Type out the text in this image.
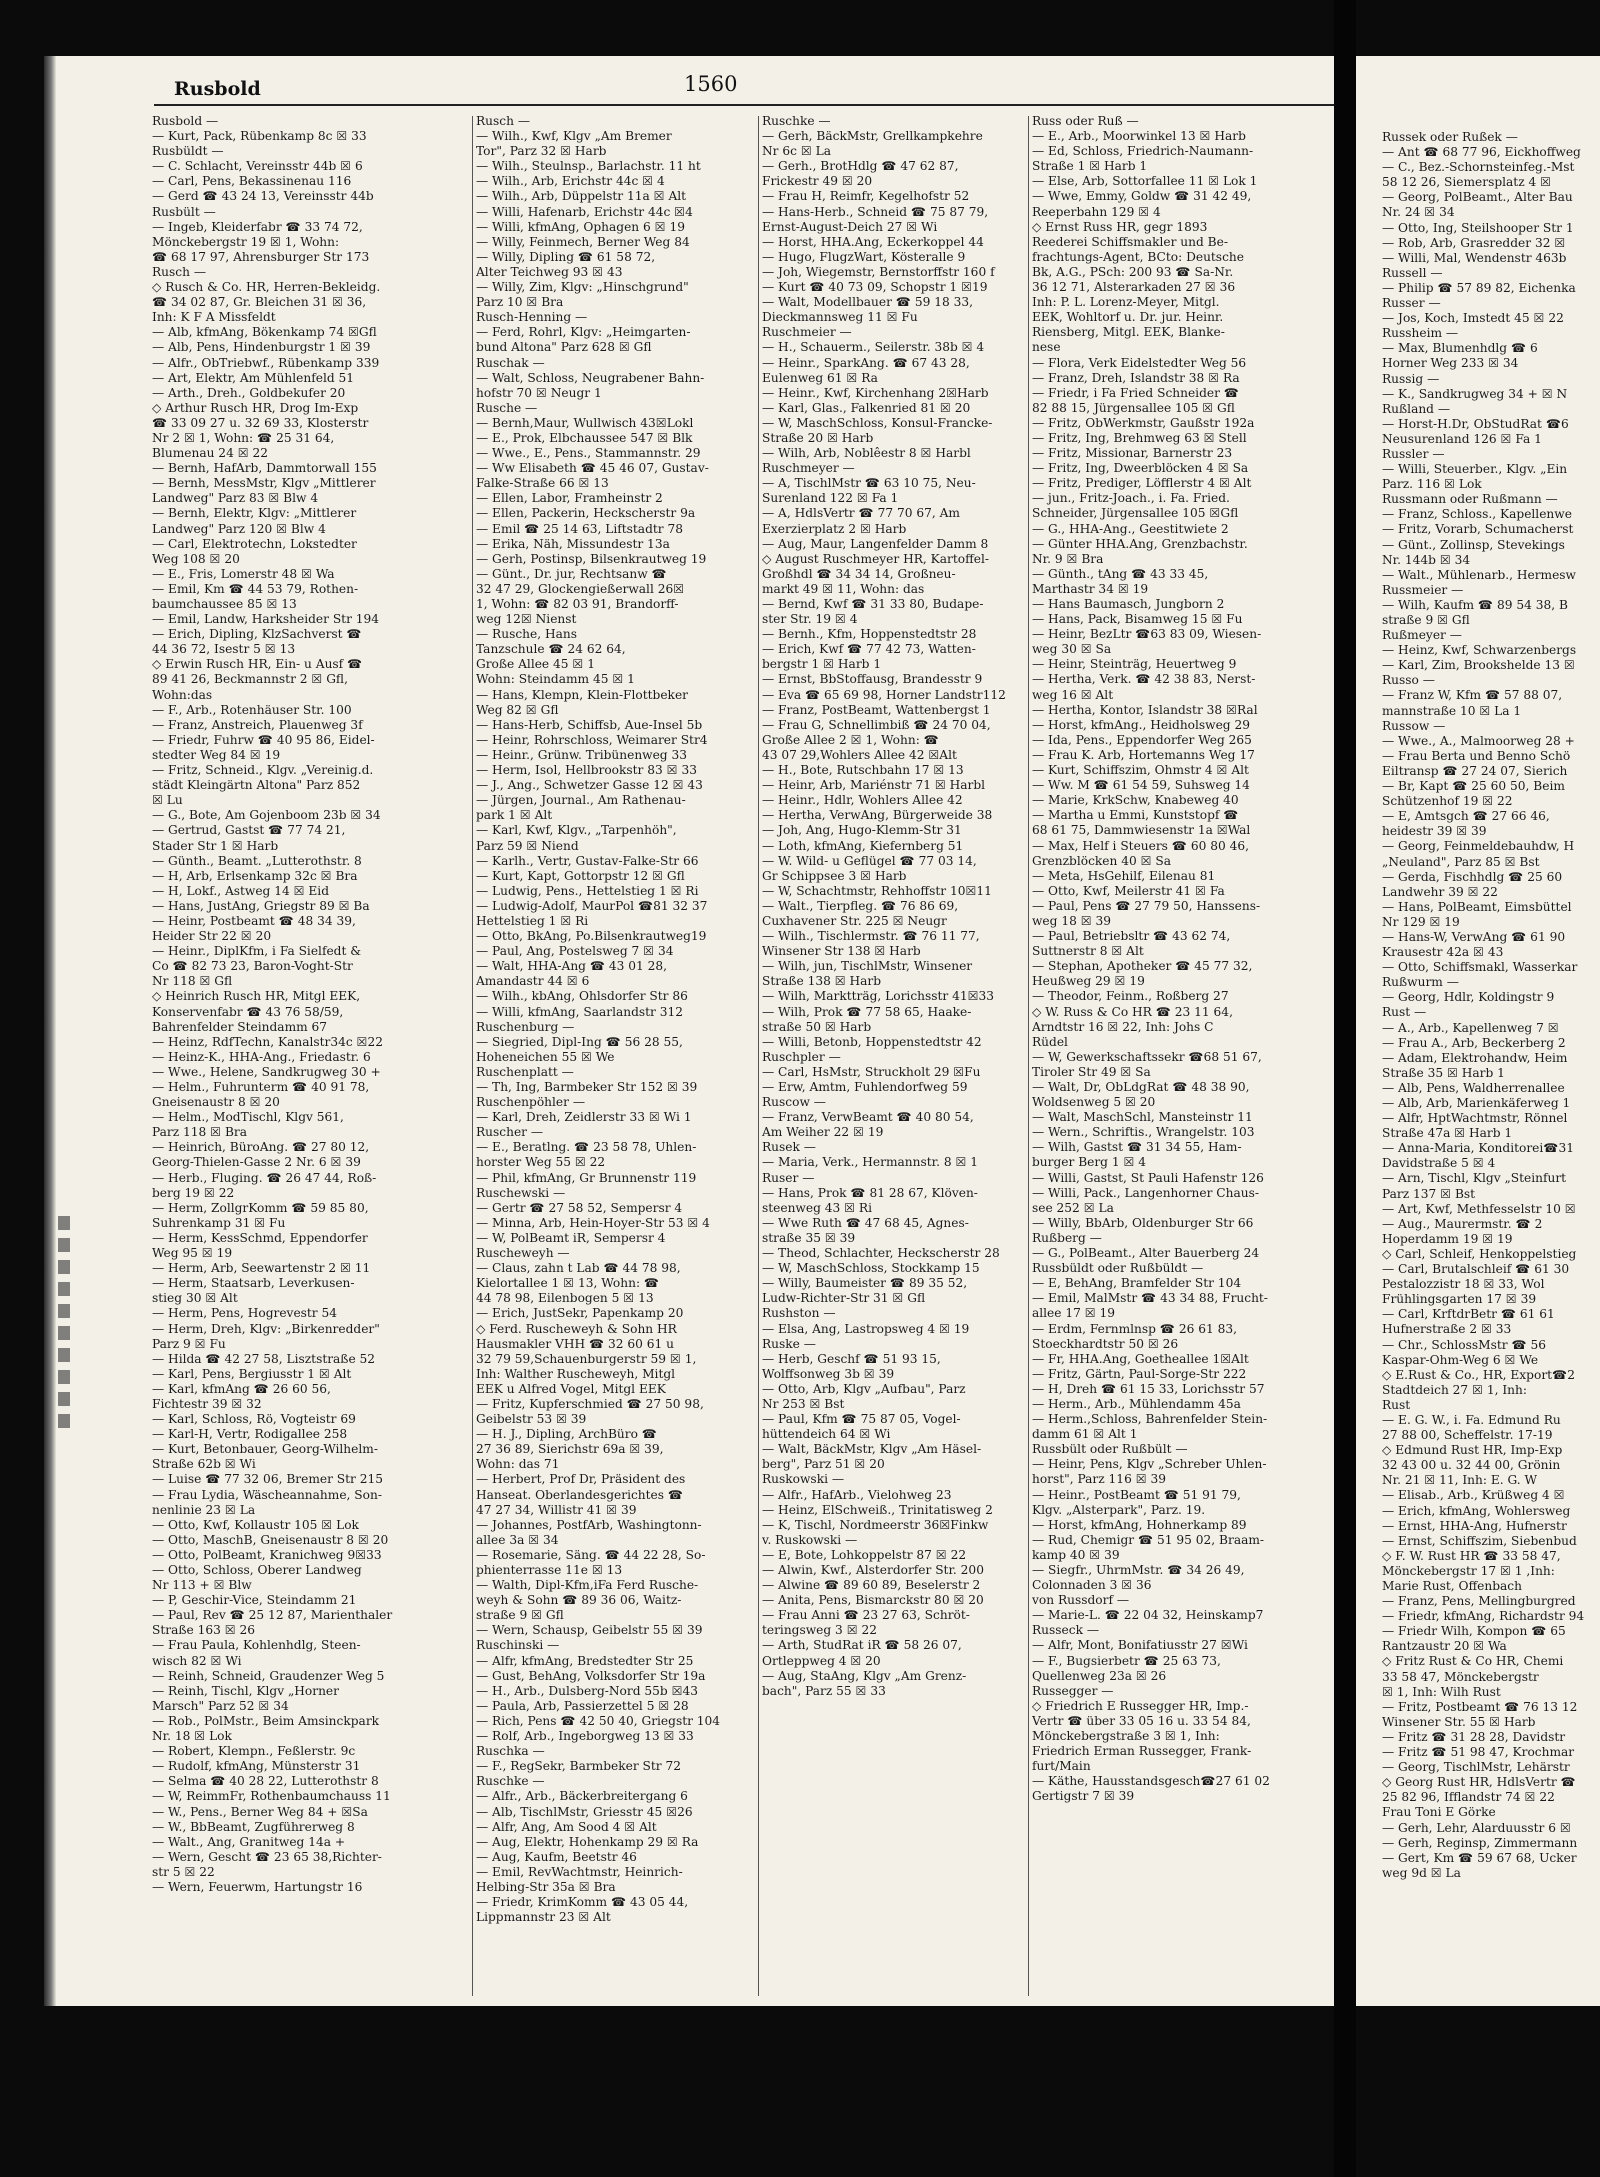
Rusbold	1560
Rusbold —
— Kurt, Pack, Rübenkamp 8c ☒ 33
Rusbüldt —
— C. Schlacht, Vereinsstr 44b ☒ 6
— Carl, Pens, Bekassinenau 116
— Gerd ☎ 43 24 13, Vereinsstr 44b
Rusbült —
— Ingeb, Kleiderfabr ☎ 33 74 72,
Mönckebergstr 19 ☒ 1, Wohn:
☎ 68 17 97, Ahrensburger Str 173
Rusch —
◇ Rusch & Co. HR, Herren-Bekleidg.
☎ 34 02 87, Gr. Bleichen 31 ☒ 36,
Inh: K F A Missfeldt
— Alb, kfmAng, Bökenkamp 74 ☒Gfl
— Alb, Pens, Hindenburgstr 1 ☒ 39
— Alfr., ObTriebwf., Rübenkamp 339
— Art, Elektr, Am Mühlenfeld 51
— Arth., Dreh., Goldbekufer 20
◇ Arthur Rusch HR, Drog Im-Exp
☎ 33 09 27 u. 32 69 33, Klosterstr
Nr 2 ☒ 1, Wohn: ☎ 25 31 64,
Blumenau 24 ☒ 22
— Bernh, HafArb, Dammtorwall 155
— Bernh, MessMstr, Klgv „Mittlerer
Landweg" Parz 83 ☒ Blw 4
— Bernh, Elektr, Klgv: „Mittlerer
Landweg" Parz 120 ☒ Blw 4
— Carl, Elektrotechn, Lokstedter
Weg 108 ☒ 20
— E., Fris, Lomerstr 48 ☒ Wa
— Emil, Km ☎ 44 53 79, Rothen-
baumchaussee 85 ☒ 13
— Emil, Landw, Harksheider Str 194
— Erich, Dipling, KlzSachverst ☎
44 36 72, Isestr 5 ☒ 13
◇ Erwin Rusch HR, Ein- u Ausf ☎
89 41 26, Beckmannstr 2 ☒ Gfl,
Wohn:das
— F., Arb., Rotenhäuser Str. 100
— Franz, Anstreich, Plauenweg 3f
— Friedr, Fuhrw ☎ 40 95 86, Eidel-
stedter Weg 84 ☒ 19
— Fritz, Schneid., Klgv. „Vereinig.d.
städt Kleingärtn Altona" Parz 852
☒ Lu
— G., Bote, Am Gojenboom 23b ☒ 34
— Gertrud, Gastst ☎ 77 74 21,
Stader Str 1 ☒ Harb
— Günth., Beamt. „Lutterothstr. 8
— H, Arb, Erlsenkamp 32c ☒ Bra
— H, Lokf., Astweg 14 ☒ Eid
— Hans, JustAng, Griegstr 89 ☒ Ba
— Heinr, Postbeamt ☎ 48 34 39,
Heider Str 22 ☒ 20
— Heinr., DiplKfm, i Fa Sielfedt &
Co ☎ 82 73 23, Baron-Voght-Str
Nr 118 ☒ Gfl
◇ Heinrich Rusch HR, Mitgl EEK,
Konservenfabr ☎ 43 76 58/59,
Bahrenfelder Steindamm 67
— Heinz, RdfTechn, Kanalstr34c ☒22
— Heinz-K., HHA-Ang., Friedastr. 6
— Wwe., Helene, Sandkrugweg 30 +
— Helm., Fuhrunterm ☎ 40 91 78,
Gneisenaustr 8 ☒ 20
— Helm., ModTischl, Klgv 561,
Parz 118 ☒ Bra
— Heinrich, BüroAng. ☎ 27 80 12,
Georg-Thielen-Gasse 2 Nr. 6 ☒ 39
— Herb., Fluging. ☎ 26 47 44, Roß-
berg 19 ☒ 22
— Herm, ZollgrKomm ☎ 59 85 80,
Suhrenkamp 31 ☒ Fu
— Herm, KessSchmd, Eppendorfer
Weg 95 ☒ 19
— Herm, Arb, Seewartenstr 2 ☒ 11
— Herm, Staatsarb, Leverkusen-
stieg 30 ☒ Alt
— Herm, Pens, Hogrevestr 54
— Herm, Dreh, Klgv: „Birkenredder"
Parz 9 ☒ Fu
— Hilda ☎ 42 27 58, Lisztstraße 52
— Karl, Pens, Bergiusstr 1 ☒ Alt
— Karl, kfmAng ☎ 26 60 56,
Fichtestr 39 ☒ 32
— Karl, Schloss, Rö, Vogteistr 69
— Karl-H, Vertr, Rodigallee 258
— Kurt, Betonbauer, Georg-Wilhelm-
Straße 62b ☒ Wi
— Luise ☎ 77 32 06, Bremer Str 215
— Frau Lydia, Wäscheannahme, Son-
nenlinie 23 ☒ La
— Otto, Kwf, Kollaustr 105 ☒ Lok
— Otto, MaschB, Gneisenaustr 8 ☒ 20
— Otto, PolBeamt, Kranichweg 9☒33
— Otto, Schloss, Oberer Landweg
Nr 113 + ☒ Blw
— P, Geschir-Vice, Steindamm 21
— Paul, Rev ☎ 25 12 87, Marienthaler
Straße 163 ☒ 26
— Frau Paula, Kohlenhdlg, Steen-
wisch 82 ☒ Wi
— Reinh, Schneid, Graudenzer Weg 5
— Reinh, Tischl, Klgv „Horner
Marsch" Parz 52 ☒ 34
— Rob., PolMstr., Beim Amsinckpark
Nr. 18 ☒ Lok
— Robert, Klempn., Feßlerstr. 9c
— Rudolf, kfmAng, Münsterstr 31
— Selma ☎ 40 28 22, Lutterothstr 8
— W, ReimmFr, Rothenbaumchauss 11
— W., Pens., Berner Weg 84 + ☒Sa
— W., BbBeamt, Zugführerweg 8
— Walt., Ang, Granitweg 14a +
— Wern, Gescht ☎ 23 65 38,Richter-
str 5 ☒ 22
— Wern, Feuerwm, Hartungstr 16
Rusch —
— Wilh., Kwf, Klgv „Am Bremer
Tor", Parz 32 ☒ Harb
— Wilh., Steulnsp., Barlachstr. 11 ht
— Wilh., Arb, Erichstr 44c ☒ 4
— Wilh., Arb, Düppelstr 11a ☒ Alt
— Willi, Hafenarb, Erichstr 44c ☒4
— Willi, kfmAng, Ophagen 6 ☒ 19
— Willy, Feinmech, Berner Weg 84
— Willy, Dipling ☎ 61 58 72,
Alter Teichweg 93 ☒ 43
— Willy, Zim, Klgv: „Hinschgrund"
Parz 10 ☒ Bra
Rusch-Henning —
— Ferd, Rohrl, Klgv: „Heimgarten-
bund Altona" Parz 628 ☒ Gfl
Ruschak —
— Walt, Schloss, Neugrabener Bahn-
hofstr 70 ☒ Neugr 1
Rusche —
— Bernh,Maur, Wullwisch 43☒Lokl
— E., Prok, Elbchaussee 547 ☒ Blk
— Wwe., E., Pens., Stammannstr. 29
— Ww Elisabeth ☎ 45 46 07, Gustav-
Falke-Straße 66 ☒ 13
— Ellen, Labor, Framheinstr 2
— Ellen, Packerin, Heckscherstr 9a
— Emil ☎ 25 14 63, Liftstadtr 78
— Erika, Näh, Missundestr 13a
— Gerh, Postinsp, Bilsenkrautweg 19
— Günt., Dr. jur, Rechtsanw ☎
32 47 29, Glockengießerwall 26☒
1, Wohn: ☎ 82 03 91, Brandorff-
weg 12☒ Nienst
— Rusche, Hans
Tanzschule ☎ 24 62 64,
Große Allee 45 ☒ 1
Wohn: Steindamm 45 ☒ 1
— Hans, Klempn, Klein-Flottbeker
Weg 82 ☒ Gfl
— Hans-Herb, Schiffsb, Aue-Insel 5b
— Heinr, Rohrschloss, Weimarer Str4
— Heinr., Grünw. Tribünenweg 33
— Herm, Isol, Hellbrookstr 83 ☒ 33
— J., Ang., Schwetzer Gasse 12 ☒ 43
— Jürgen, Journal., Am Rathenau-
park 1 ☒ Alt
— Karl, Kwf, Klgv., „Tarpenhöh",
Parz 59 ☒ Niend
— Karlh., Vertr, Gustav-Falke-Str 66
— Kurt, Kapt, Gottorpstr 12 ☒ Gfl
— Ludwig, Pens., Hettelstieg 1 ☒ Ri
— Ludwig-Adolf, MaurPol ☎81 32 37
Hettelstieg 1 ☒ Ri
— Otto, BkAng, Po.Bilsenkrautweg19
— Paul, Ang, Postelsweg 7 ☒ 34
— Walt, HHA-Ang ☎ 43 01 28,
Amandastr 44 ☒ 6
— Wilh., kbAng, Ohlsdorfer Str 86
— Willi, kfmAng, Saarlandstr 312
Ruschenburg —
— Siegried, Dipl-Ing ☎ 56 28 55,
Hoheneichen 55 ☒ We
Ruschenplatt —
— Th, Ing, Barmbeker Str 152 ☒ 39
Ruschenpöhler —
— Karl, Dreh, Zeidlerstr 33 ☒ Wi 1
Ruscher —
— E., Beratlng. ☎ 23 58 78, Uhlen-
horster Weg 55 ☒ 22
— Phil, kfmAng, Gr Brunnenstr 119
Ruschewski —
— Gertr ☎ 27 58 52, Sempersr 4
— Minna, Arb, Hein-Hoyer-Str 53 ☒ 4
— W, PolBeamt iR, Sempersr 4
Ruscheweyh —
— Claus, zahn t Lab ☎ 44 78 98,
Kielortallee 1 ☒ 13, Wohn: ☎
44 78 98, Eilenbogen 5 ☒ 13
— Erich, JustSekr, Papenkamp 20
◇ Ferd. Ruscheweyh & Sohn HR
Hausmakler VHH ☎ 32 60 61 u
32 79 59,Schauenburgerstr 59 ☒ 1,
Inh: Walther Ruscheweyh, Mitgl
EEK u Alfred Vogel, Mitgl EEK
— Fritz, Kupferschmied ☎ 27 50 98,
Geibelstr 53 ☒ 39
— H. J., Dipling, ArchBüro ☎
27 36 89, Sierichstr 69a ☒ 39,
Wohn: das 71
— Herbert, Prof Dr, Präsident des
Hanseat. Oberlandesgerichtes ☎
47 27 34, Willistr 41 ☒ 39
— Johannes, PostfArb, Washingtonn-
allee 3a ☒ 34
— Rosemarie, Säng. ☎ 44 22 28, So-
phienterrasse 11e ☒ 13
— Walth, Dipl-Kfm,iFa Ferd Rusche-
weyh & Sohn ☎ 89 36 06, Waitz-
straße 9 ☒ Gfl
— Wern, Schausp, Geibelstr 55 ☒ 39
Ruschinski —
— Alfr, kfmAng, Bredstedter Str 25
— Gust, BehAng, Volksdorfer Str 19a
— H., Arb., Dulsberg-Nord 55b ☒43
— Paula, Arb, Passierzettel 5 ☒ 28
— Rich, Pens ☎ 42 50 40, Griegstr 104
— Rolf, Arb., Ingeborgweg 13 ☒ 33
Ruschka —
— F., RegSekr, Barmbeker Str 72
Ruschke —
— Alfr., Arb., Bäckerbreitergang 6
— Alb, TischlMstr, Griesstr 45 ☒26
— Alfr, Ang, Am Sood 4 ☒ Alt
— Aug, Elektr, Hohenkamp 29 ☒ Ra
— Aug, Kaufm, Beetstr 46
— Emil, RevWachtmstr, Heinrich-
Helbing-Str 35a ☒ Bra
— Friedr, KrimKomm ☎ 43 05 44,
Lippmannstr 23 ☒ Alt
Ruschke —
— Gerh, BäckMstr, Grellkampkehre
Nr 6c ☒ La
— Gerh., BrotHdlg ☎ 47 62 87,
Frickestr 49 ☒ 20
— Frau H, Reimfr, Kegelhofstr 52
— Hans-Herb., Schneid ☎ 75 87 79,
Ernst-August-Deich 27 ☒ Wi
— Horst, HHA.Ang, Eckerkoppel 44
— Hugo, FlugzWart, Kösteralle 9
— Joh, Wiegemstr, Bernstorffstr 160 f
— Kurt ☎ 40 73 09, Schopstr 1 ☒19
— Walt, Modellbauer ☎ 59 18 33,
Dieckmannsweg 11 ☒ Fu
Ruschmeier —
— H., Schauerm., Seilerstr. 38b ☒ 4
— Heinr., SparkAng. ☎ 67 43 28,
Eulenweg 61 ☒ Ra
— Heinr., Kwf, Kirchenhang 2☒Harb
— Karl, Glas., Falkenried 81 ☒ 20
— W, MaschSchloss, Konsul-Francke-
Straße 20 ☒ Harb
— Wilh, Arb, Noblêestr 8 ☒ Harbl
Ruschmeyer —
— A, TischlMstr ☎ 63 10 75, Neu-
Surenland 122 ☒ Fa 1
— A, HdlsVertr ☎ 77 70 67, Am
Exerzierplatz 2 ☒ Harb
— Aug, Maur, Langenfelder Damm 8
◇ August Ruschmeyer HR, Kartoffel-
Großhdl ☎ 34 34 14, Großneu-
markt 49 ☒ 11, Wohn: das
— Bernd, Kwf ☎ 31 33 80, Budape-
ster Str. 19 ☒ 4
— Bernh., Kfm, Hoppenstedtstr 28
— Erich, Kwf ☎ 77 42 73, Watten-
bergstr 1 ☒ Harb 1
— Ernst, BbStoffausg, Brandesstr 9
— Eva ☎ 65 69 98, Horner Landstr112
— Franz, PostBeamt, Wattenbergst 1
— Frau G, Schnellimbiß ☎ 24 70 04,
Große Allee 2 ☒ 1, Wohn: ☎
43 07 29,Wohlers Allee 42 ☒Alt
— H., Bote, Rutschbahn 17 ☒ 13
— Heinr, Arb, Mariénstr 71 ☒ Harbl
— Heinr., Hdlr, Wohlers Allee 42
— Hertha, VerwAng, Bürgerweide 38
— Joh, Ang, Hugo-Klemm-Str 31
— Loth, kfmAng, Kiefernberg 51
— W. Wild- u Geflügel ☎ 77 03 14,
Gr Schippsee 3 ☒ Harb
— W, Schachtmstr, Rehhoffstr 10☒11
— Walt., Tierpfleg. ☎ 76 86 69,
Cuxhavener Str. 225 ☒ Neugr
— Wilh., Tischlermstr. ☎ 76 11 77,
Winsener Str 138 ☒ Harb
— Wilh, jun, TischlMstr, Winsener
Straße 138 ☒ Harb
— Wilh, Marktträg, Lorichsstr 41☒33
— Wilh, Prok ☎ 77 58 65, Haake-
straße 50 ☒ Harb
— Willi, Betonb, Hoppenstedtstr 42
Ruschpler —
— Carl, HsMstr, Struckholt 29 ☒Fu
— Erw, Amtm, Fuhlendorfweg 59
Ruscow —
— Franz, VerwBeamt ☎ 40 80 54,
Am Weiher 22 ☒ 19
Rusek —
— Maria, Verk., Hermannstr. 8 ☒ 1
Ruser —
— Hans, Prok ☎ 81 28 67, Klöven-
steenweg 43 ☒ Ri
— Wwe Ruth ☎ 47 68 45, Agnes-
straße 35 ☒ 39
— Theod, Schlachter, Heckscherstr 28
— W, MaschSchloss, Stockkamp 15
— Willy, Baumeister ☎ 89 35 52,
Ludw-Richter-Str 31 ☒ Gfl
Rushston —
— Elsa, Ang, Lastropsweg 4 ☒ 19
Ruske —
— Herb, Geschf ☎ 51 93 15,
Wolffsonweg 3b ☒ 39
— Otto, Arb, Klgv „Aufbau", Parz
Nr 253 ☒ Bst
— Paul, Kfm ☎ 75 87 05, Vogel-
hüttendeich 64 ☒ Wi
— Walt, BäckMstr, Klgv „Am Häsel-
berg", Parz 51 ☒ 20
Ruskowski —
— Alfr., HafArb., Vielohweg 23
— Heinz, ElSchweiß., Trinitatisweg 2
— K, Tischl, Nordmeerstr 36☒Finkw
v. Ruskowski —
— E, Bote, Lohkoppelstr 87 ☒ 22
— Alwin, Kwf., Alsterdorfer Str. 200
— Alwine ☎ 89 60 89, Beselerstr 2
— Anita, Pens, Bismarckstr 80 ☒ 20
— Frau Anni ☎ 23 27 63, Schröt-
teringsweg 3 ☒ 22
— Arth, StudRat iR ☎ 58 26 07,
Ortleppweg 4 ☒ 20
— Aug, StaAng, Klgv „Am Grenz-
bach", Parz 55 ☒ 33
Russ oder Ruß —
— E., Arb., Moorwinkel 13 ☒ Harb
— Ed, Schloss, Friedrich-Naumann-
Straße 1 ☒ Harb 1
— Else, Arb, Sottorfallee 11 ☒ Lok 1
— Wwe, Emmy, Goldw ☎ 31 42 49,
Reeperbahn 129 ☒ 4
◇ Ernst Russ HR, gegr 1893
Reederei Schiffsmakler und Be-
frachtungs-Agent, BCto: Deutsche
Bk, A.G., PSch: 200 93 ☎ Sa-Nr.
36 12 71, Alsterarkaden 27 ☒ 36
Inh: P. L. Lorenz-Meyer, Mitgl.
EEK, Wohltorf u. Dr. jur. Heinr.
Riensberg, Mitgl. EEK, Blanke-
nese
— Flora, Verk Eidelstedter Weg 56
— Franz, Dreh, Islandstr 38 ☒ Ra
— Friedr, i Fa Fried Schneider ☎
82 88 15, Jürgensallee 105 ☒ Gfl
— Fritz, ObWerkmstr, Gaußstr 192a
— Fritz, Ing, Brehmweg 63 ☒ Stell
— Fritz, Missionar, Barnerstr 23
— Fritz, Ing, Dweerblöcken 4 ☒ Sa
— Fritz, Prediger, Löfflerstr 4 ☒ Alt
— jun., Fritz-Joach., i. Fa. Fried.
Schneider, Jürgensallee 105 ☒Gfl
— G., HHA-Ang., Geestitwiete 2
— Günter HHA.Ang, Grenzbachstr.
Nr. 9 ☒ Bra
— Günth., tAng ☎ 43 33 45,
Marthastr 34 ☒ 19
— Hans Baumasch, Jungborn 2
— Hans, Pack, Bisamweg 15 ☒ Fu
— Heinr, BezLtr ☎63 83 09, Wiesen-
weg 30 ☒ Sa
— Heinr, Steinträg, Heuertweg 9
— Hertha, Verk. ☎ 42 38 83, Nerst-
weg 16 ☒ Alt
— Hertha, Kontor, Islandstr 38 ☒Ral
— Horst, kfmAng., Heidholsweg 29
— Ida, Pens., Eppendorfer Weg 265
— Frau K. Arb, Hortemanns Weg 17
— Kurt, Schiffszim, Ohmstr 4 ☒ Alt
— Ww. M ☎ 61 54 59, Suhsweg 14
— Marie, KrkSchw, Knabeweg 40
— Martha u Emmi, Kunststopf ☎
68 61 75, Dammwiesenstr 1a ☒Wal
— Max, Helf i Steuers ☎ 60 80 46,
Grenzblöcken 40 ☒ Sa
— Meta, HsGehilf, Eilenau 81
— Otto, Kwf, Meilerstr 41 ☒ Fa
— Paul, Pens ☎ 27 79 50, Hanssens-
weg 18 ☒ 39
— Paul, Betriebsltr ☎ 43 62 74,
Suttnerstr 8 ☒ Alt
— Stephan, Apotheker ☎ 45 77 32,
Heußweg 29 ☒ 19
— Theodor, Feinm., Roßberg 27
◇ W. Russ & Co HR ☎ 23 11 64,
Arndtstr 16 ☒ 22, Inh: Johs C
Rüdel
— W, Gewerkschaftssekr ☎68 51 67,
Tiroler Str 49 ☒ Sa
— Walt, Dr, ObLdgRat ☎ 48 38 90,
Woldsenweg 5 ☒ 20
— Walt, MaschSchl, Mansteinstr 11
— Wern., Schriftis., Wrangelstr. 103
— Wilh, Gastst ☎ 31 34 55, Ham-
burger Berg 1 ☒ 4
— Willi, Gastst, St Pauli Hafenstr 126
— Willi, Pack., Langenhorner Chaus-
see 252 ☒ La
— Willy, BbArb, Oldenburger Str 66
Rußberg —
— G., PolBeamt., Alter Bauerberg 24
Russbüldt oder Rußbüldt —
— E, BehAng, Bramfelder Str 104
— Emil, MalMstr ☎ 43 34 88, Frucht-
allee 17 ☒ 19
— Erdm, Fernmlnsp ☎ 26 61 83,
Stoeckhardtstr 50 ☒ 26
— Fr, HHA.Ang, Goetheallee 1☒Alt
— Fritz, Gärtn, Paul-Sorge-Str 222
— H, Dreh ☎ 61 15 33, Lorichsstr 57
— Herm., Arb., Mühlendamm 45a
— Herm.,Schloss, Bahrenfelder Stein-
damm 61 ☒ Alt 1
Russbült oder Rußbült —
— Heinr, Pens, Klgv „Schreber Uhlen-
horst", Parz 116 ☒ 39
— Heinr., PostBeamt ☎ 51 91 79,
Klgv. „Alsterpark", Parz. 19.
— Horst, kfmAng, Hohnerkamp 89
— Rud, Chemigr ☎ 51 95 02, Braam-
kamp 40 ☒ 39
— Siegfr., UhrmMstr. ☎ 34 26 49,
Colonnaden 3 ☒ 36
von Russdorf —
— Marie-L. ☎ 22 04 32, Heinskamp7
Russeck —
— Alfr, Mont, Bonifatiusstr 27 ☒Wi
— F., Bugsierbetr ☎ 25 63 73,
Quellenweg 23a ☒ 26
Russegger —
◇ Friedrich E Russegger HR, Imp.-
Vertr ☎ über 33 05 16 u. 33 54 84,
Mönckebergstraße 3 ☒ 1, Inh:
Friedrich Erman Russegger, Frank-
furt/Main
— Käthe, Hausstandsgesch☎27 61 02
Gertigstr 7 ☒ 39
Russek oder Rußek —
— Ant ☎ 68 77 96, Eickhoffweg
— C., Bez.-Schornsteinfeg.-Mst
58 12 26, Siemersplatz 4 ☒
— Georg, PolBeamt., Alter Bau
Nr. 24 ☒ 34
— Otto, Ing, Steilshooper Str 1
— Rob, Arb, Grasredder 32 ☒
— Willi, Mal, Wendenstr 463b
Russell —
— Philip ☎ 57 89 82, Eichenka
Russer —
— Jos, Koch, Imstedt 45 ☒ 22
Russheim —
— Max, Blumenhdlg ☎ 6
Horner Weg 233 ☒ 34
Russig —
— K., Sandkrugweg 34 + ☒ N
Rußland —
— Horst-H.Dr, ObStudRat ☎6
Neusurenland 126 ☒ Fa 1
Russler —
— Willi, Steuerber., Klgv. „Ein
Parz. 116 ☒ Lok
Russmann oder Rußmann —
— Franz, Schloss., Kapellenwe
— Fritz, Vorarb, Schumacherst
— Günt., Zollinsp, Stevekings
Nr. 144b ☒ 34
— Walt., Mühlenarb., Hermesw
Russmeier —
— Wilh, Kaufm ☎ 89 54 38, B
straße 9 ☒ Gfl
Rußmeyer —
— Heinz, Kwf, Schwarzenbergs
— Karl, Zim, Brookshelde 13 ☒
Russo —
— Franz W, Kfm ☎ 57 88 07,
mannstraße 10 ☒ La 1
Russow —
— Wwe., A., Malmoorweg 28 +
— Frau Berta und Benno Schö
Eiltransp ☎ 27 24 07, Sierich
— Br, Kapt ☎ 25 60 50, Beim
Schützenhof 19 ☒ 22
— E, Amtsgch ☎ 27 66 46,
heidestr 39 ☒ 39
— Georg, Feinmeldebauhdw, H
„Neuland", Parz 85 ☒ Bst
— Gerda, Fischhdlg ☎ 25 60
Landwehr 39 ☒ 22
— Hans, PolBeamt, Eimsbüttel
Nr 129 ☒ 19
— Hans-W, VerwAng ☎ 61 90
Krausestr 42a ☒ 43
— Otto, Schiffsmakl, Wasserkar
Rußwurm —
— Georg, Hdlr, Koldingstr 9
Rust —
— A., Arb., Kapellenweg 7 ☒
— Frau A., Arb, Beckerberg 2
— Adam, Elektrohandw, Heim
Straße 35 ☒ Harb 1
— Alb, Pens, Waldherrenallee
— Alb, Arb, Marienkäferweg 1
— Alfr, HptWachtmstr, Rönnel
Straße 47a ☒ Harb 1
— Anna-Maria, Konditorei☎31
Davidstraße 5 ☒ 4
— Arn, Tischl, Klgv „Steinfurt
Parz 137 ☒ Bst
— Art, Kwf, Methfesselstr 10 ☒
— Aug., Maurermstr. ☎ 2
Hoperdamm 19 ☒ 19
◇ Carl, Schleif, Henkoppelstieg
— Carl, Brutalschleif ☎ 61 30
Pestalozzistr 18 ☒ 33, Wol
Frühlingsgarten 17 ☒ 39
— Carl, KrftdrBetr ☎ 61 61
Hufnerstraße 2 ☒ 33
— Chr., SchlossMstr ☎ 56
Kaspar-Ohm-Weg 6 ☒ We
◇ E.Rust & Co., HR, Export☎2
Stadtdeich 27 ☒ 1, Inh:
Rust
— E. G. W., i. Fa. Edmund Ru
27 88 00, Scheffelstr. 17-19
◇ Edmund Rust HR, Imp-Exp
32 43 00 u. 32 44 00, Grönin
Nr. 21 ☒ 11, Inh: E. G. W
— Elisab., Arb., Krüßweg 4 ☒
— Erich, kfmAng, Wohlersweg
— Ernst, HHA-Ang, Hufnerstr
— Ernst, Schiffszim, Siebenbud
◇ F. W. Rust HR ☎ 33 58 47,
Mönckebergstr 17 ☒ 1 ,Inh:
Marie Rust, Offenbach
— Franz, Pens, Mellingburgred
— Friedr, kfmAng, Richardstr 94
— Friedr Wilh, Kompon ☎ 65
Rantzaustr 20 ☒ Wa
◇ Fritz Rust & Co HR, Chemi
33 58 47, Mönckebergstr
☒ 1, Inh: Wilh Rust
— Fritz, Postbeamt ☎ 76 13 12
Winsener Str. 55 ☒ Harb
— Fritz ☎ 31 28 28, Davidstr
— Fritz ☎ 51 98 47, Krochmar
— Georg, TischlMstr, Lehärstr
◇ Georg Rust HR, HdlsVertr ☎
25 82 96, Ifflandstr 74 ☒ 22
Frau Toni E Görke
— Gerh, Lehr, Alarduusstr 6 ☒
— Gerh, Reginsp, Zimmermann
— Gert, Km ☎ 59 67 68, Ucker
weg 9d ☒ La
